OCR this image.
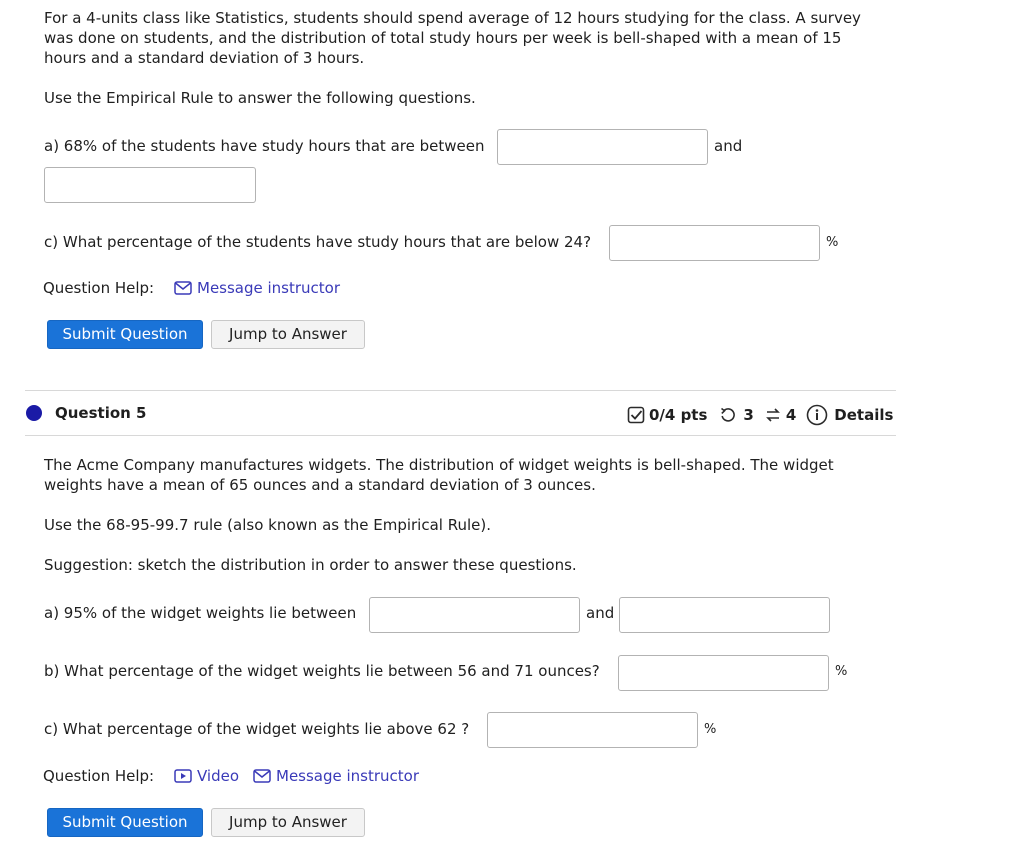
For a 4-units class like Statistics, students should spend average of 12 hours studying for the class. A survey was done on students, and the distribution of total study hours per week is bell-shaped with a mean of 15 hours and a standard deviation of 3 hours.
Use the Empirical Rule to answer the following questions.
a) 68% of the students have study hours that are between	and
c) What percentage of the students have study hours that are below 24?	%
Question Help:	Message instructor
Submit Question	Jump to Answer
Question 5	0/4 pts 3 4	Details
The Acme Company manufactures widgets. The distribution of widget weights is bell-shaped. The widget weights have a mean of 65 ounces and a standard deviation of 3 ounces.
Use the 68-95-99.7 rule (also known as the Empirical Rule).
Suggestion: sketch the distribution in order to answer these questions.
a) 95% of the widget weights lie between	and
b) What percentage of the widget weights lie between 56 and 71 ounces?	%
c) What percentage of the widget weights lie above 62 ?	%
Question Help:	Video Message instructor
Submit Question	Jump to Answer
